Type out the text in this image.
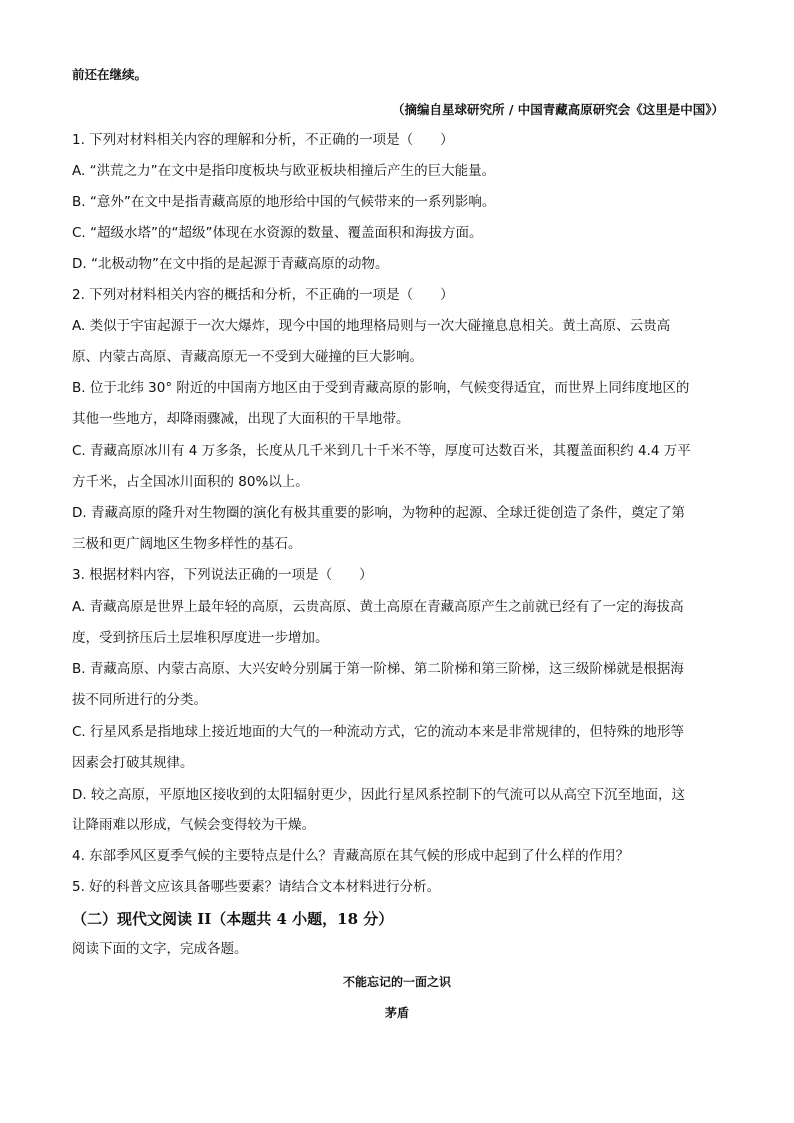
前还在继续。
（摘编自星球研究所 / 中国青藏高原研究会《这里是中国》）
1. 下列对材料相关内容的理解和分析，不正确的一项是（　　）
A. “洪荒之力”在文中是指印度板块与欧亚板块相撞后产生的巨大能量。
B. “意外”在文中是指青藏高原的地形给中国的气候带来的一系列影响。
C. “超级水塔”的“超级”体现在水资源的数量、覆盖面积和海拔方面。
D. “北极动物”在文中指的是起源于青藏高原的动物。
2. 下列对材料相关内容的概括和分析，不正确的一项是（　　）
A. 类似于宇宙起源于一次大爆炸，现今中国的地理格局则与一次大碰撞息息相关。黄土高原、云贵高
原、内蒙古高原、青藏高原无一不受到大碰撞的巨大影响。
B. 位于北纬 30° 附近的中国南方地区由于受到青藏高原的影响，气候变得适宜，而世界上同纬度地区的
其他一些地方，却降雨骤减，出现了大面积的干旱地带。
C. 青藏高原冰川有 4 万多条，长度从几千米到几十千米不等，厚度可达数百米，其覆盖面积约 4.4 万平
方千米，占全国冰川面积的 80%以上。
D. 青藏高原的隆升对生物圈的演化有极其重要的影响，为物种的起源、全球迁徙创造了条件，奠定了第
三极和更广阔地区生物多样性的基石。
3. 根据材料内容，下列说法正确的一项是（　　）
A. 青藏高原是世界上最年轻的高原，云贵高原、黄土高原在青藏高原产生之前就已经有了一定的海拔高
度，受到挤压后土层堆积厚度进一步增加。
B. 青藏高原、内蒙古高原、大兴安岭分别属于第一阶梯、第二阶梯和第三阶梯，这三级阶梯就是根据海
拔不同所进行的分类。
C. 行星风系是指地球上接近地面的大气的一种流动方式，它的流动本来是非常规律的，但特殊的地形等
因素会打破其规律。
D. 较之高原，平原地区接收到的太阳辐射更少，因此行星风系控制下的气流可以从高空下沉至地面，这
让降雨难以形成，气候会变得较为干燥。
4. 东部季风区夏季气候的主要特点是什么？青藏高原在其气候的形成中起到了什么样的作用？
5. 好的科普文应该具备哪些要素？请结合文本材料进行分析。
（二）现代文阅读 II（本题共 4 小题，18 分）
阅读下面的文字，完成各题。
不能忘记的一面之识
茅盾
